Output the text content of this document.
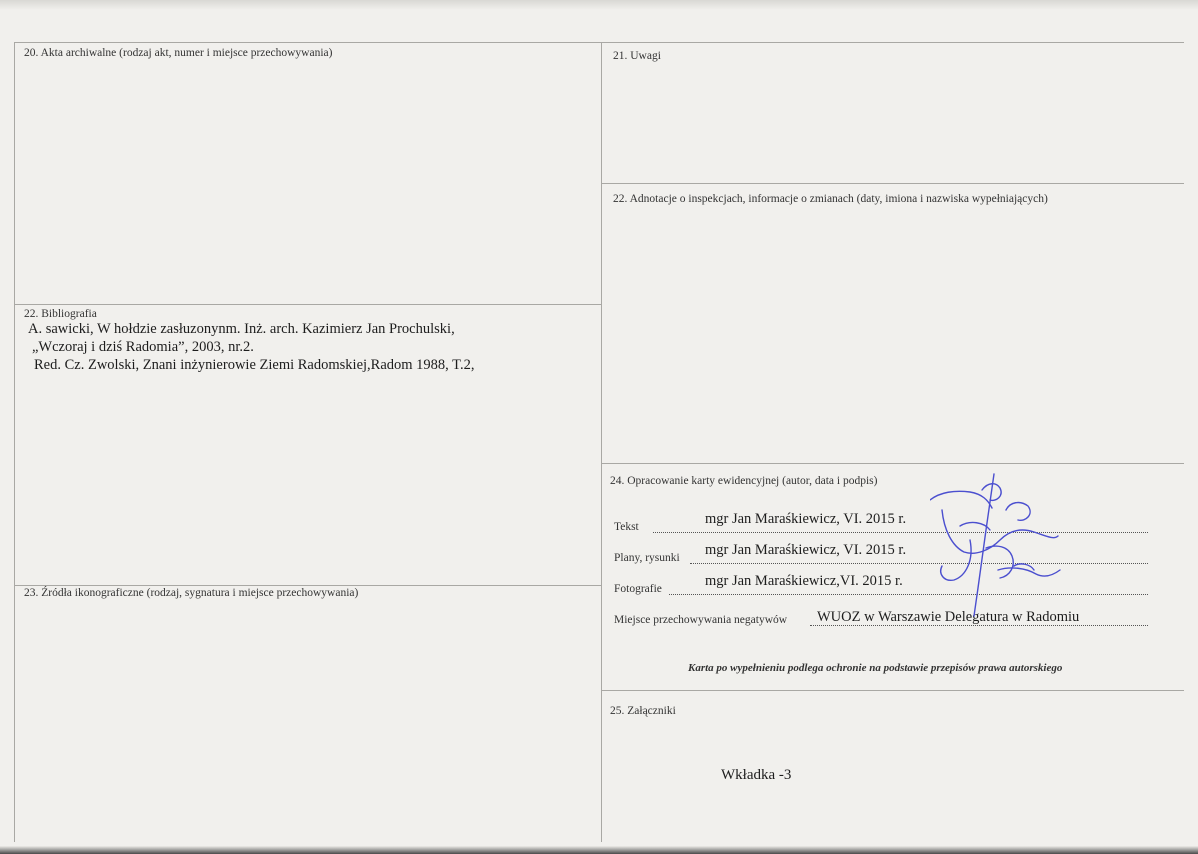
20. Akta archiwalne (rodzaj akt, numer i miejsce przechowywania)	21. Uwagi
22. Adnotacje o inspekcjach, informacje o zmianach (daty, imiona i nazwiska wypełniających)
22. Bibliografia
A. sawicki, W hołdzie zasłuzonynm. Inż. arch. Kazimierz Jan Prochulski,
„Wczoraj i dziś Radomia”, 2003, nr.2.
Red. Cz. Zwolski, Znani inżynierowie Ziemi Radomskiej,Radom 1988, T.2,
23. Źródła ikonograficzne (rodzaj, sygnatura i miejsce przechowywania)
24. Opracowanie karty ewidencyjnej (autor, data i podpis)
Tekst	mgr Jan Maraśkiewicz, VI. 2015 r.
Plany, rysunki mgr Jan Maraśkiewicz, VI. 2015 r.
Fotografie	mgr Jan Maraśkiewicz,VI. 2015 r.
Miejsce przechowywania negatywów WUOZ w Warszawie Delegatura w Radomiu
Karta po wypełnieniu podlega ochronie na podstawie przepisów prawa autorskiego
25. Załączniki
Wkładka -3
